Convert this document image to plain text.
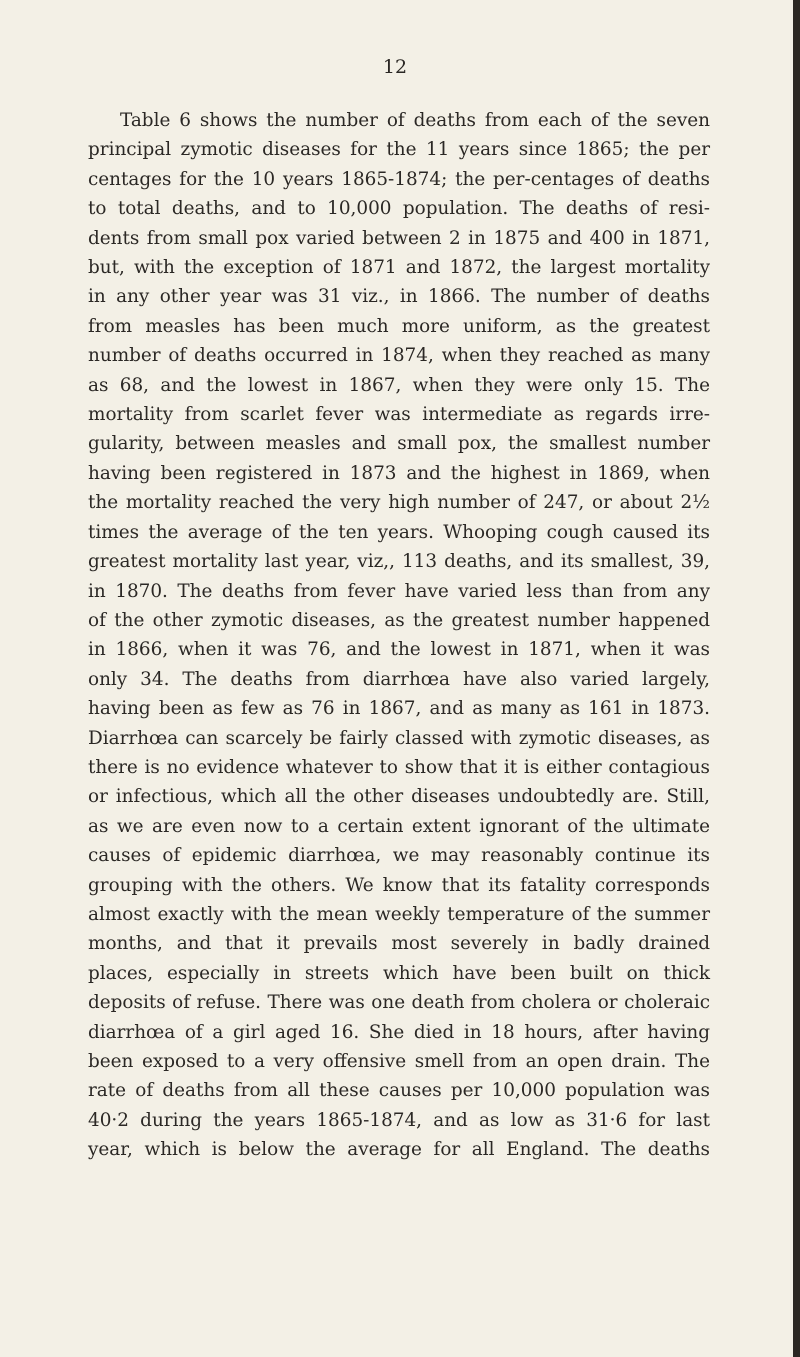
12
Table 6 shows the number of deaths from each of the seven
principal zymotic diseases for the 11 years since 1865; the per
centages for the 10 years 1865-1874; the per-centages of deaths
to total deaths, and to 10,000 population. The deaths of resi-
dents from small pox varied between 2 in 1875 and 400 in 1871,
but, with the exception of 1871 and 1872, the largest mortality
in any other year was 31 viz., in 1866. The number of deaths
from measles has been much more uniform, as the greatest
number of deaths occurred in 1874, when they reached as many
as 68, and the lowest in 1867, when they were only 15. The
mortality from scarlet fever was intermediate as regards irre-
gularity, between measles and small pox, the smallest number
having been registered in 1873 and the highest in 1869, when
the mortality reached the very high number of 247, or about 2½
times the average of the ten years. Whooping cough caused its
greatest mortality last year, viz,, 113 deaths, and its smallest, 39,
in 1870. The deaths from fever have varied less than from any
of the other zymotic diseases, as the greatest number happened
in 1866, when it was 76, and the lowest in 1871, when it was
only 34. The deaths from diarrhœa have also varied largely,
having been as few as 76 in 1867, and as many as 161 in 1873.
Diarrhœa can scarcely be fairly classed with zymotic diseases, as
there is no evidence whatever to show that it is either contagious
or infectious, which all the other diseases undoubtedly are. Still,
as we are even now to a certain extent ignorant of the ultimate
causes of epidemic diarrhœa, we may reasonably continue its
grouping with the others. We know that its fatality corresponds
almost exactly with the mean weekly temperature of the summer
months, and that it prevails most severely in badly drained
places, especially in streets which have been built on thick
deposits of refuse. There was one death from cholera or choleraic
diarrhœa of a girl aged 16. She died in 18 hours, after having
been exposed to a very offensive smell from an open drain. The
rate of deaths from all these causes per 10,000 population was
40·2 during the years 1865-1874, and as low as 31·6 for last
year, which is below the average for all England. The deaths
